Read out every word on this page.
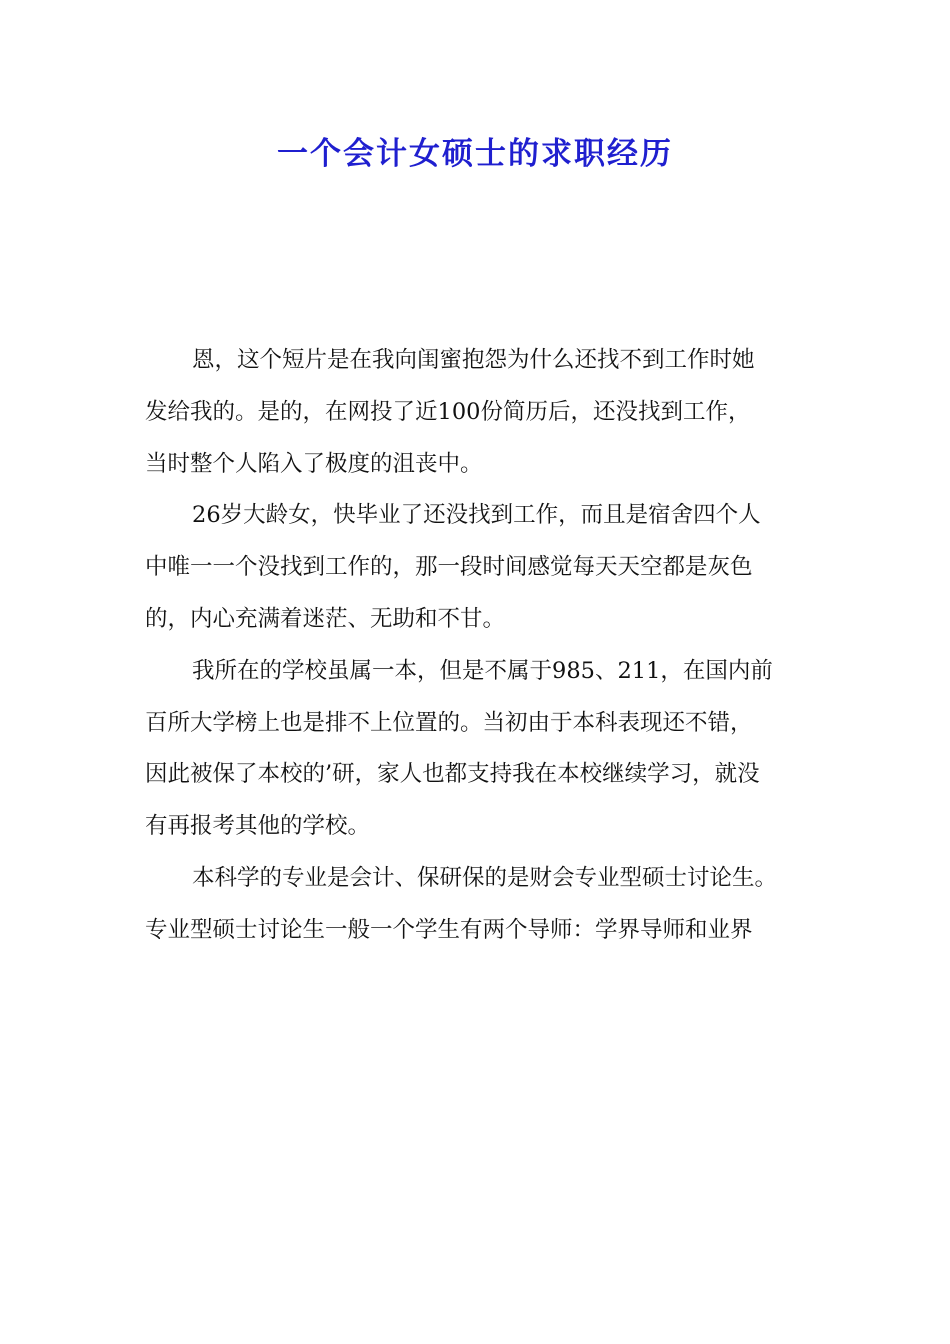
一个会计女硕士的求职经历
恩，这个短片是在我向闺蜜抱怨为什么还找不到工作时她
发给我的。是的，在网投了近100份简历后，还没找到工作，
当时整个人陷入了极度的沮丧中。
26岁大龄女，快毕业了还没找到工作，而且是宿舍四个人
中唯一一个没找到工作的，那一段时间感觉每天天空都是灰色
的，内心充满着迷茫、无助和不甘。
我所在的学校虽属一本，但是不属于985、211，在国内前
百所大学榜上也是排不上位置的。当初由于本科表现还不错，
因此被保了本校的’研，家人也都支持我在本校继续学习，就没
有再报考其他的学校。
本科学的专业是会计、保研保的是财会专业型硕士讨论生。
专业型硕士讨论生一般一个学生有两个导师：学界导师和业界
